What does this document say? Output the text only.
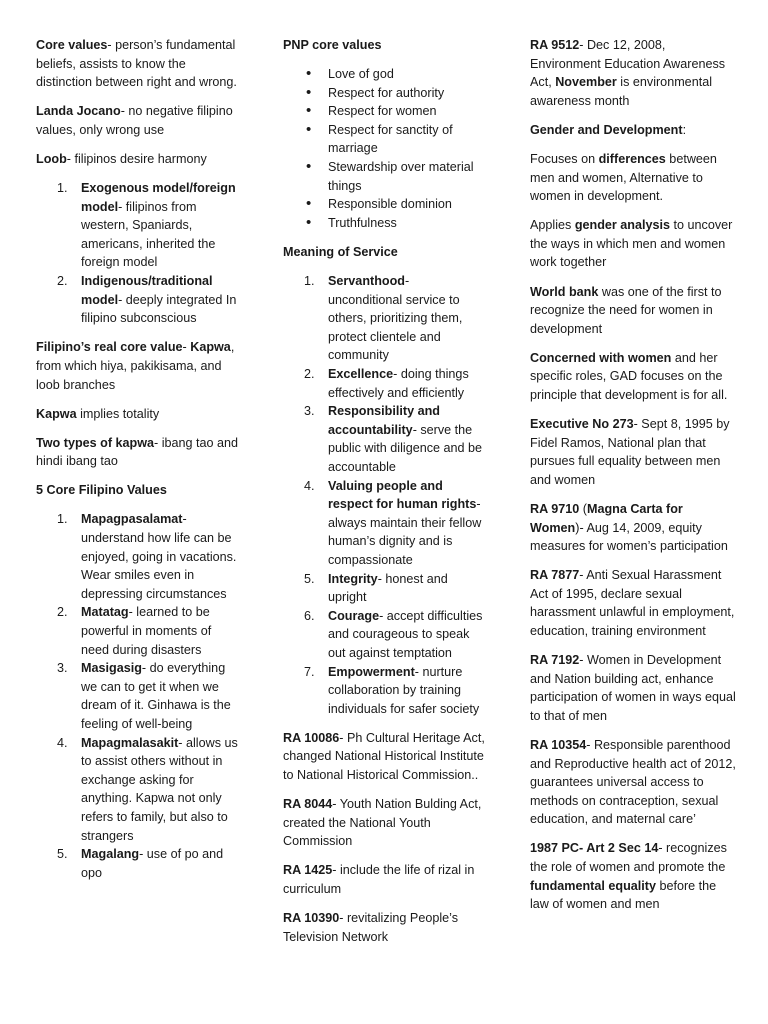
Core values- person’s fundamental beliefs, assists to know the distinction between right and wrong.

Landa Jocano- no negative filipino values, only wrong use

Loob- filipinos desire harmony

1.	Exogenous model/foreign model- filipinos from western, Spaniards, americans, inherited the foreign model
2.	Indigenous/traditional model- deeply integrated In filipino subconscious

Filipino’s real core value- Kapwa, from which hiya, pakikisama, and loob branches

Kapwa implies totality

Two types of kapwa- ibang tao and hindi ibang tao

5 Core Filipino Values

1.	Mapagpasalamat- understand how life can be enjoyed, going in vacations. Wear smiles even in depressing circumstances
2.	Matatag- learned to be powerful in moments of need during disasters
3.	Masigasig- do everything we can to get it when we dream of it. Ginhawa is the feeling of well-being
4.	Mapagmalasakit- allows us to assist others without in exchange asking for anything. Kapwa not only refers to family, but also to strangers
5.	Magalang- use of po and opo

PNP core values

• Love of god
• Respect for authority
• Respect for women
• Respect for sanctity of marriage
• Stewardship over material things
• Responsible dominion
• Truthfulness

Meaning of Service

1.	Servanthood- unconditional service to others, prioritizing them, protect clientele and community
2.	Excellence- doing things effectively and efficiently
3.	Responsibility and accountability- serve the public with diligence and be accountable
4.	Valuing people and respect for human rights- always maintain their fellow human’s dignity and is compassionate
5.	Integrity- honest and upright
6.	Courage- accept difficulties and courageous to speak out against temptation
7.	Empowerment- nurture collaboration by training individuals for safer society

RA 10086- Ph Cultural Heritage Act, changed National Historical Institute to National Historical Commission..

RA 8044- Youth Nation Bulding Act, created the National Youth Commission

RA 1425- include the life of rizal in curriculum

RA 10390- revitalizing People’s Television Network

RA 9512- Dec 12, 2008, Environment Education Awareness Act, November is environmental awareness month

Gender and Development:

Focuses on differences between men and women, Alternative to women in development.

Applies gender analysis to uncover the ways in which men and women work together

World bank was one of the first to recognize the need for women in development

Concerned with women and her specific roles, GAD focuses on the principle that development is for all.

Executive No 273- Sept 8, 1995 by Fidel Ramos, National plan that pursues full equality between men and women

RA 9710 (Magna Carta for Women)- Aug 14, 2009, equity measures for women’s participation

RA 7877- Anti Sexual Harassment Act of 1995, declare sexual harassment unlawful in employment, education, training environment

RA 7192- Women in Development and Nation building act, enhance participation of women in ways equal to that of men

RA 10354- Responsible parenthood and Reproductive health act of 2012, guarantees universal access to methods on contraception, sexual education, and maternal care’

1987 PC- Art 2 Sec 14- recognizes the role of women and promote the fundamental equality before the law of women and men
